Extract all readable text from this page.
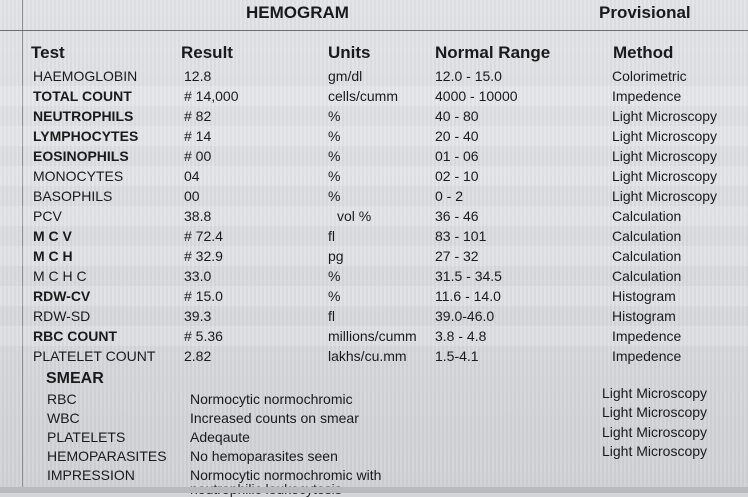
HEMOGRAM	Provisional
Test	Result	Units	Normal Range	Method
HAEMOGLOBIN	12.8	gm/dl	12.0 - 15.0	Colorimetric
TOTAL COUNT	# 14,000	cells/cumm	4000 - 10000	Impedence
NEUTROPHILS	# 82	%	40 - 80	Light Microscopy
LYMPHOCYTES	# 14	%	20 - 40	Light Microscopy
EOSINOPHILS	# 00	%	01 - 06	Light Microscopy
MONOCYTES	04	%	02 - 10	Light Microscopy
BASOPHILS	00	%	0 - 2	Light Microscopy
PCV	38.8	vol %	36 - 46	Calculation
M C V	# 72.4	fl	83 - 101	Calculation
M C H	# 32.9	pg	27 - 32	Calculation
M C H C	33.0	%	31.5 - 34.5	Calculation
RDW-CV	# 15.0	%	11.6 - 14.0	Histogram
RDW-SD	39.3	fl	39.0-46.0	Histogram
RBC COUNT	# 5.36	millions/cumm 3.8 - 4.8	Impedence
PLATELET COUNT 2.82	lakhs/cu.mm 1.5-4.1	Impedence
SMEAR
RBC	Normocytic normochromic	Light Microscopy
WBC	Increased counts on smear	Light Microscopy
PLATELETS	Adeqaute	Light Microscopy
HEMOPARASITES No hemoparasites seen	Light Microscopy
IMPRESSION	Normocytic normochromic with
